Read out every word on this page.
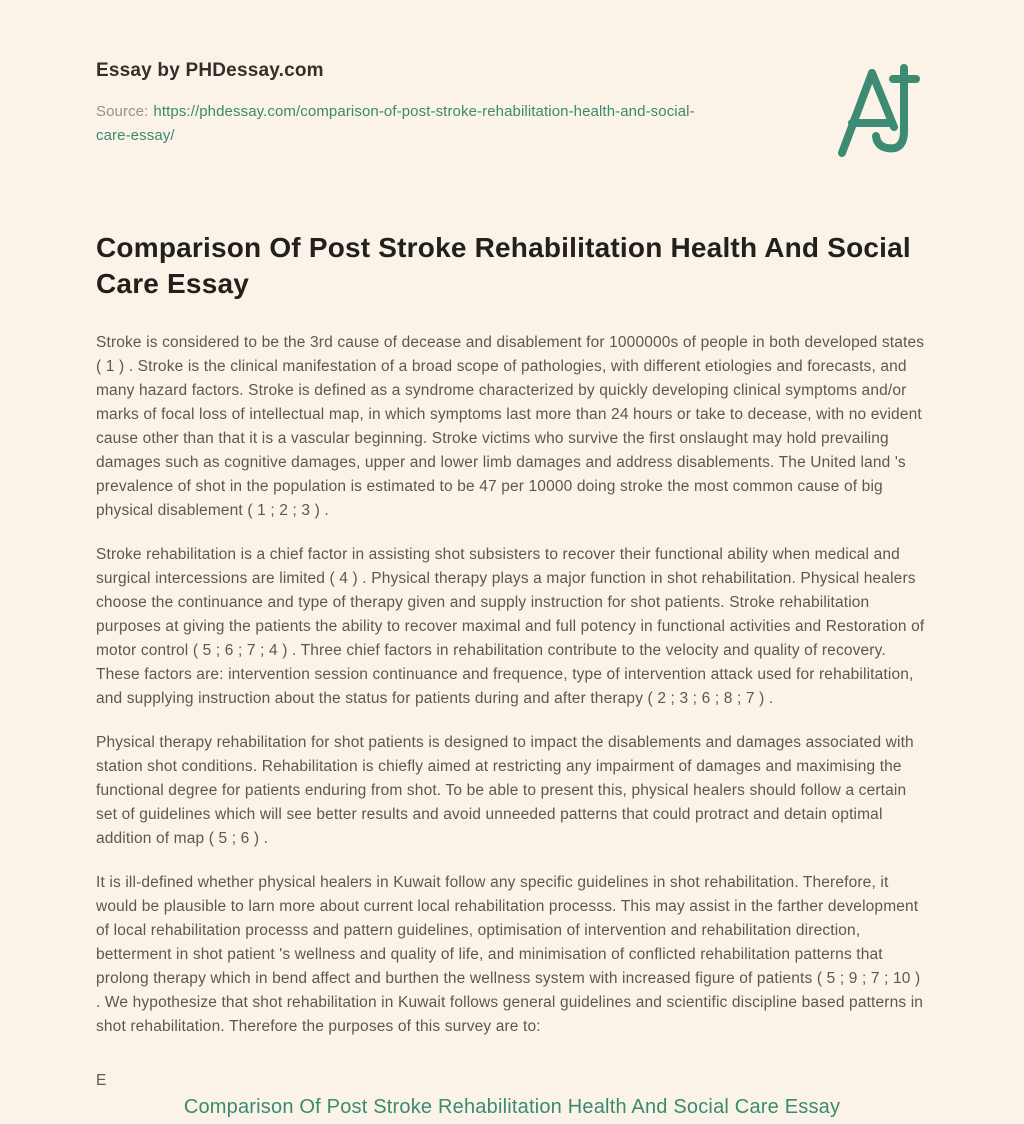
Essay by PHDessay.com
Source: https://phdessay.com/comparison-of-post-stroke-rehabilitation-health-and-social-care-essay/
Comparison Of Post Stroke Rehabilitation Health And Social Care Essay

Stroke is considered to be the 3rd cause of decease and disablement for 1000000s of people in both developed states ( 1 ) . Stroke is the clinical manifestation of a broad scope of pathologies, with different etiologies and forecasts, and many hazard factors. Stroke is defined as a syndrome characterized by quickly developing clinical symptoms and/or marks of focal loss of intellectual map, in which symptoms last more than 24 hours or take to decease, with no evident cause other than that it is a vascular beginning. Stroke victims who survive the first onslaught may hold prevailing damages such as cognitive damages, upper and lower limb damages and address disablements. The United land 's prevalence of shot in the population is estimated to be 47 per 10000 doing stroke the most common cause of big physical disablement ( 1 ; 2 ; 3 ) .

Stroke rehabilitation is a chief factor in assisting shot subsisters to recover their functional ability when medical and surgical intercessions are limited ( 4 ) . Physical therapy plays a major function in shot rehabilitation. Physical healers choose the continuance and type of therapy given and supply instruction for shot patients. Stroke rehabilitation purposes at giving the patients the ability to recover maximal and full potency in functional activities and Restoration of motor control ( 5 ; 6 ; 7 ; 4 ) . Three chief factors in rehabilitation contribute to the velocity and quality of recovery. These factors are: intervention session continuance and frequence, type of intervention attack used for rehabilitation, and supplying instruction about the status for patients during and after therapy ( 2 ; 3 ; 6 ; 8 ; 7 ) .

Physical therapy rehabilitation for shot patients is designed to impact the disablements and damages associated with station shot conditions. Rehabilitation is chiefly aimed at restricting any impairment of damages and maximising the functional degree for patients enduring from shot. To be able to present this, physical healers should follow a certain set of guidelines which will see better results and avoid unneeded patterns that could protract and detain optimal addition of map ( 5 ; 6 ) .

It is ill-defined whether physical healers in Kuwait follow any specific guidelines in shot rehabilitation. Therefore, it would be plausible to larn more about current local rehabilitation processs. This may assist in the farther development of local rehabilitation processs and pattern guidelines, optimisation of intervention and rehabilitation direction, betterment in shot patient 's wellness and quality of life, and minimisation of conflicted rehabilitation patterns that prolong therapy which in bend affect and burthen the wellness system with increased figure of patients ( 5 ; 9 ; 7 ; 10 ) . We hypothesize that shot rehabilitation in Kuwait follows general guidelines and scientific discipline based patterns in shot rehabilitation. Therefore the purposes of this survey are to:

E

Comparison Of Post Stroke Rehabilitation Health And Social Care Essay
